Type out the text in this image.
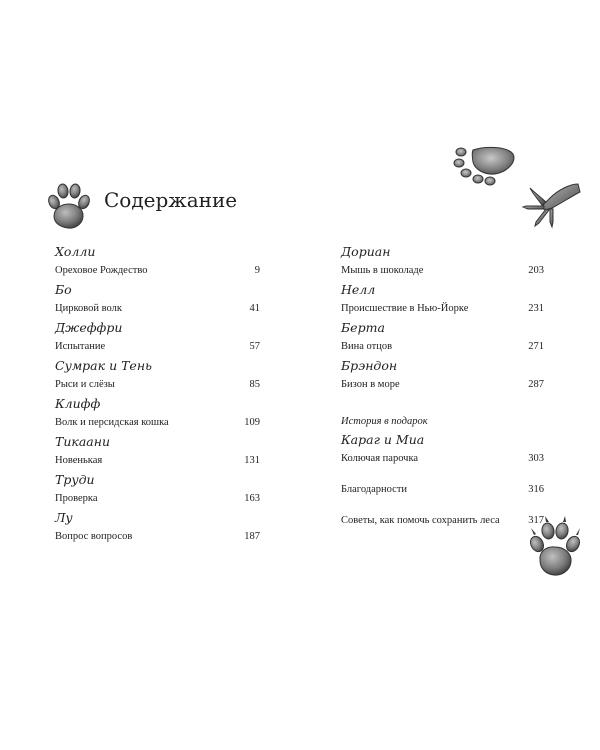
Содержание
Холли
Ореховое Рождество	9
Бо
Цирковой волк	41
Джеффри
Испытание	57
Сумрак и Тень
Рыси и слёзы	85
Клифф
Волк и персидская кошка	109
Тикаани
Новенькая	131
Труди
Проверка	163
Лу
Вопрос вопросов	187
Дориан
Мышь в шоколаде	203
Нелл
Происшествие в Нью-Йорке	231
Берта
Вина отцов	271
Брэндон
Бизон в море	287
История в подарок
Караг и Миа
Колючая парочка	303
Благодарности	316
Советы, как помочь сохранить леса	317
